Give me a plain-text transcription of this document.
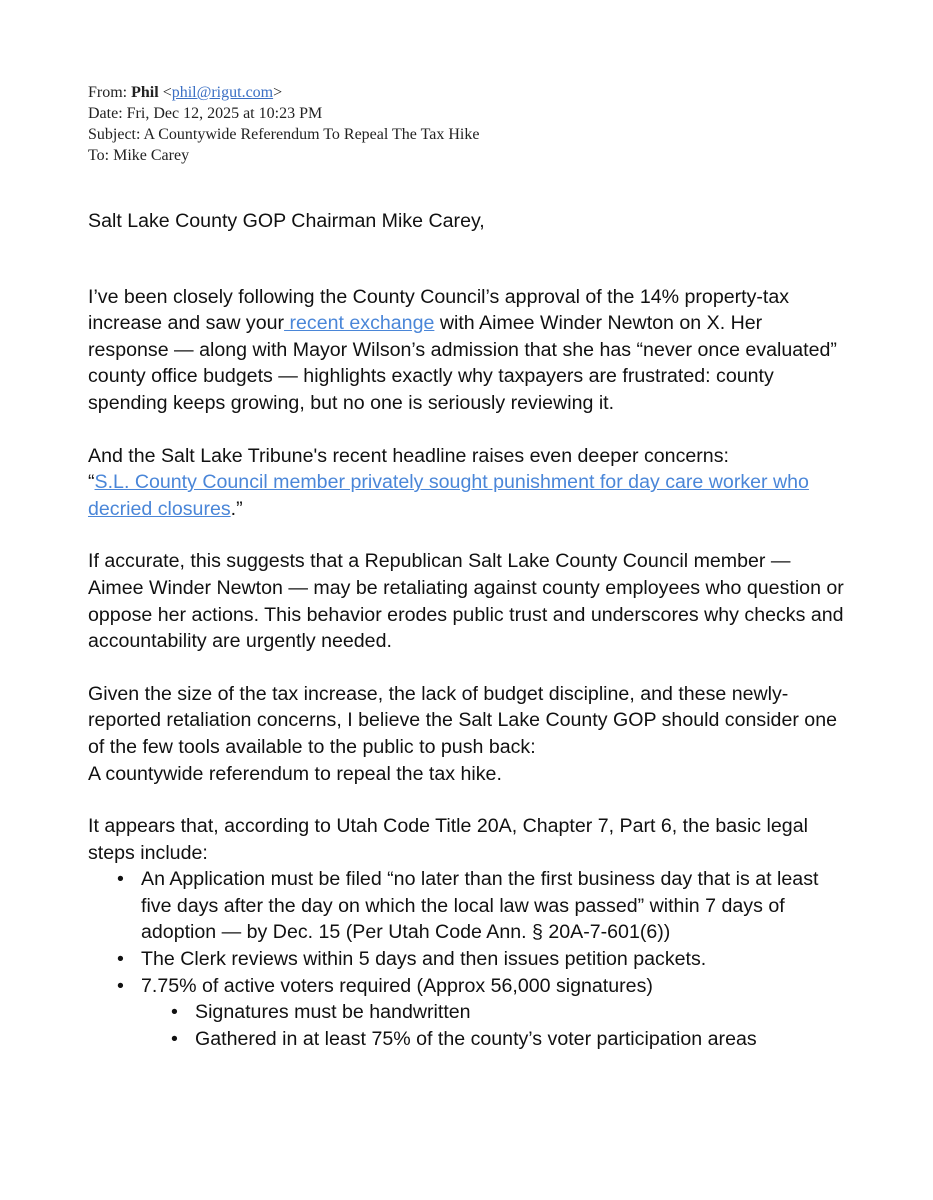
From: Phil <phil@rigut.com>
Date: Fri, Dec 12, 2025 at 10:23 PM
Subject: A Countywide Referendum To Repeal The Tax Hike
To: Mike Carey

Salt Lake County GOP Chairman Mike Carey,

I’ve been closely following the County Council’s approval of the 14% property-tax increase and saw your recent exchange with Aimee Winder Newton on X. Her response — along with Mayor Wilson’s admission that she has “never once evaluated” county office budgets — highlights exactly why taxpayers are frustrated: county spending keeps growing, but no one is seriously reviewing it.

And the Salt Lake Tribune's recent headline raises even deeper concerns:
“S.L. County Council member privately sought punishment for day care worker who decried closures.”

If accurate, this suggests that a Republican Salt Lake County Council member — Aimee Winder Newton — may be retaliating against county employees who question or oppose her actions. This behavior erodes public trust and underscores why checks and accountability are urgently needed.

Given the size of the tax increase, the lack of budget discipline, and these newly-reported retaliation concerns, I believe the Salt Lake County GOP should consider one of the few tools available to the public to push back:
A countywide referendum to repeal the tax hike.

It appears that, according to Utah Code Title 20A, Chapter 7, Part 6, the basic legal steps include:

• An Application must be filed “no later than the first business day that is at least five days after the day on which the local law was passed” within 7 days of adoption — by Dec. 15 (Per Utah Code Ann. § 20A-7-601(6))
• The Clerk reviews within 5 days and then issues petition packets.
• 7.75% of active voters required (Approx 56,000 signatures)
• Signatures must be handwritten
• Gathered in at least 75% of the county’s voter participation areas
